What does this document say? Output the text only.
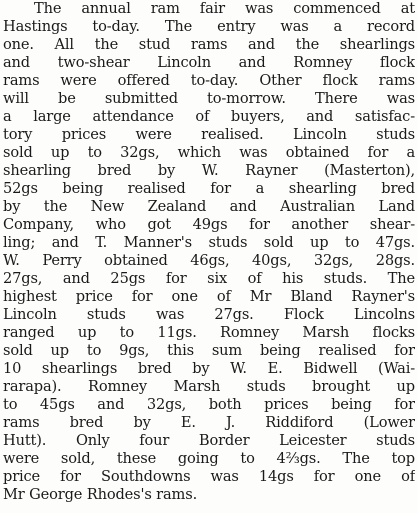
The annual ram fair was commenced at
Hastings to-day. The entry was a record
one. All the stud rams and the shearlings
and two-shear Lincoln and Romney flock
rams were offered to-day. Other flock rams
will be submitted to-morrow. There was
a large attendance of buyers, and satisfac-
tory prices were realised. Lincoln studs
sold up to 32gs, which was obtained for a
shearling bred by W. Rayner (Masterton),
52gs being realised for a shearling bred
by the New Zealand and Australian Land
Company, who got 49gs for another shear-
ling; and T. Manner's studs sold up to 47gs.
W. Perry obtained 46gs, 40gs, 32gs, 28gs.
27gs, and 25gs for six of his studs. The
highest price for one of Mr Bland Rayner's
Lincoln studs was 27gs. Flock Lincolns
ranged up to 11gs. Romney Marsh flocks
sold up to 9gs, this sum being realised for
10 shearlings bred by W. E. Bidwell (Wai-
rarapa). Romney Marsh studs brought up
to 45gs and 32gs, both prices being for
rams bred by E. J. Riddiford (Lower
Hutt). Only four Border Leicester studs
were sold, these going to 4⅔gs. The top
price for Southdowns was 14gs for one of
Mr George Rhodes's rams.
